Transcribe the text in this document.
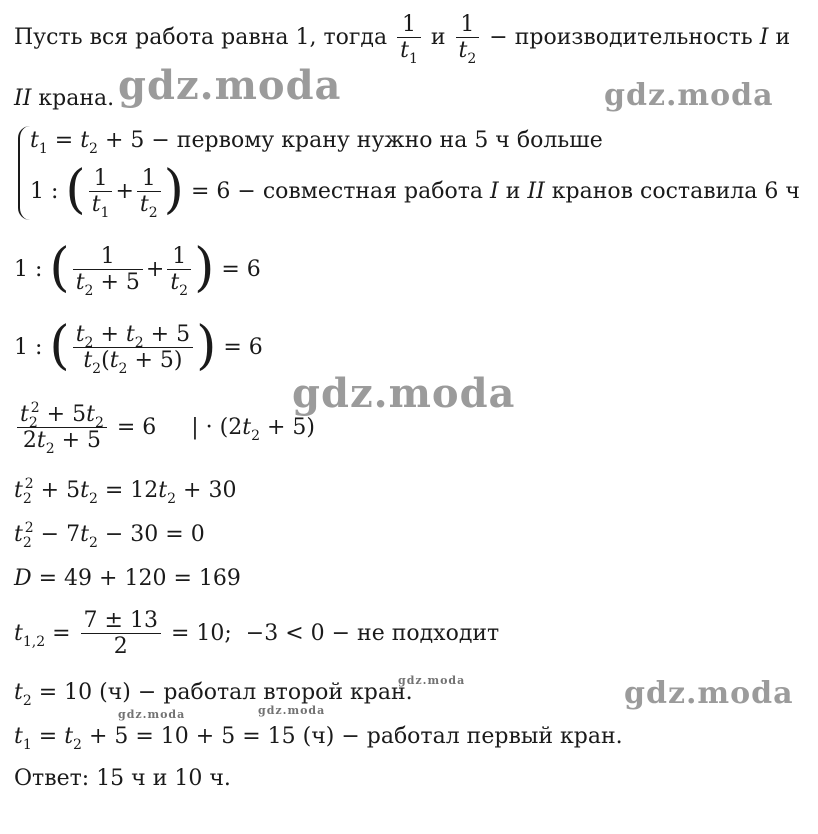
gdz.moda	gdz.moda
gdz.moda
gdz.moda
gdz.moda
gdz.moda	gdz.moda
Пусть вся работа равна 1, тогда $\frac{1}{t_1}$ и $\frac{1}{t_2}$ − производительность I и
II крана.
$t_1 = t_2 + 5$ − первому крану нужно на 5 ч больше
1 : ( $\frac{1}{t_1} + \frac{1}{t_2}$ ) = 6 − совместная работа I и II кранов составила 6 ч
1 : ( $\frac{1}{t_2 + 5} + \frac{1}{t_2}$ ) = 6
1 : ( $\frac{t_2 + t_2 + 5}{t_2(t_2 + 5)}$ ) = 6
$\frac{t_2^2 + 5t_2}{2t_2 + 5} = 6$     | · $(2t_2 + 5)$
$t_2^2 + 5t_2 = 12t_2 + 30$
$t_2^2 - 7t_2 - 30 = 0$
D = 49 + 120 = 169
$t_{1,2} = \frac{7 \pm 13}{2} = 10$;  −3 < 0 − не подходит
$t_2 = 10$ (ч) − работал второй кран.
$t_1 = t_2 + 5 = 10 + 5 = 15$ (ч) − работал первый кран.
Ответ: 15 ч и 10 ч.
